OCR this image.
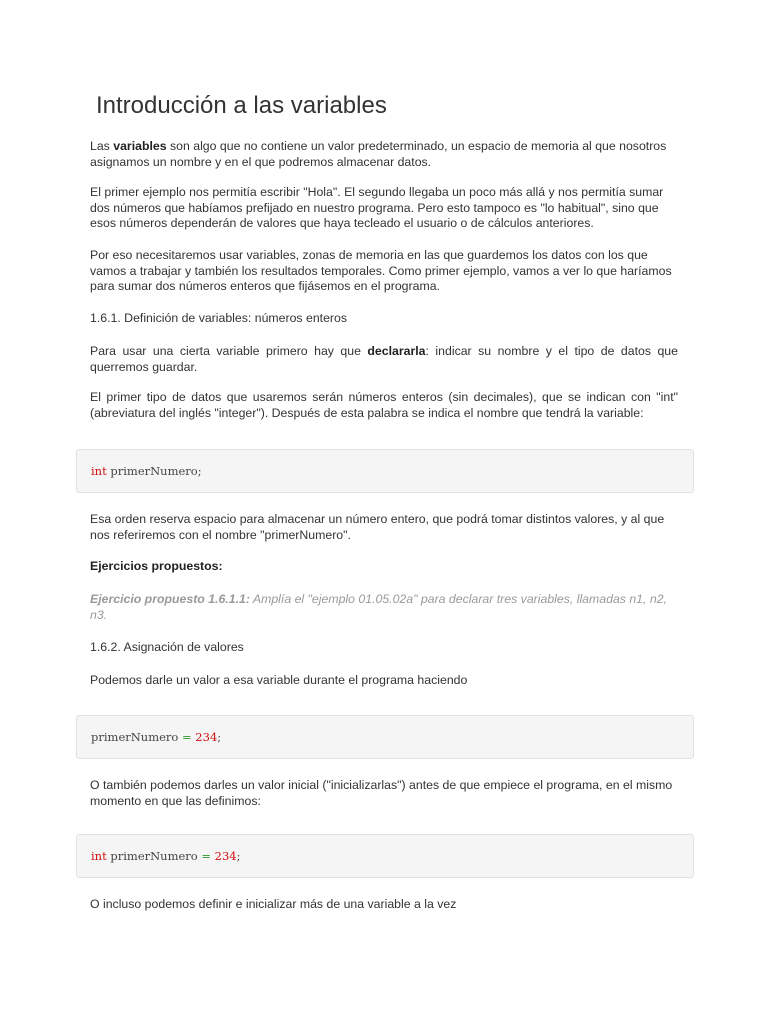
Introducción a las variables

Las variables son algo que no contiene un valor predeterminado, un espacio de memoria al que nosotros asignamos un nombre y en el que podremos almacenar datos.

El primer ejemplo nos permitía escribir "Hola". El segundo llegaba un poco más allá y nos permitía sumar dos números que habíamos prefijado en nuestro programa. Pero esto tampoco es "lo habitual", sino que esos números dependerán de valores que haya tecleado el usuario o de cálculos anteriores.

Por eso necesitaremos usar variables, zonas de memoria en las que guardemos los datos con los que vamos a trabajar y también los resultados temporales. Como primer ejemplo, vamos a ver lo que haríamos para sumar dos números enteros que fijásemos en el programa.

1.6.1. Definición de variables: números enteros

Para usar una cierta variable primero hay que declararla: indicar su nombre y el tipo de datos que querremos guardar.

El primer tipo de datos que usaremos serán números enteros (sin decimales), que se indican con "int" (abreviatura del inglés "integer"). Después de esta palabra se indica el nombre que tendrá la variable:

int primerNumero;

Esa orden reserva espacio para almacenar un número entero, que podrá tomar distintos valores, y al que nos referiremos con el nombre "primerNumero".

Ejercicios propuestos:

Ejercicio propuesto 1.6.1.1: Amplía el "ejemplo 01.05.02a" para declarar tres variables, llamadas n1, n2, n3.

1.6.2. Asignación de valores

Podemos darle un valor a esa variable durante el programa haciendo

primerNumero = 234;

O también podemos darles un valor inicial ("inicializarlas") antes de que empiece el programa, en el mismo momento en que las definimos:

int primerNumero = 234;

O incluso podemos definir e inicializar más de una variable a la vez
